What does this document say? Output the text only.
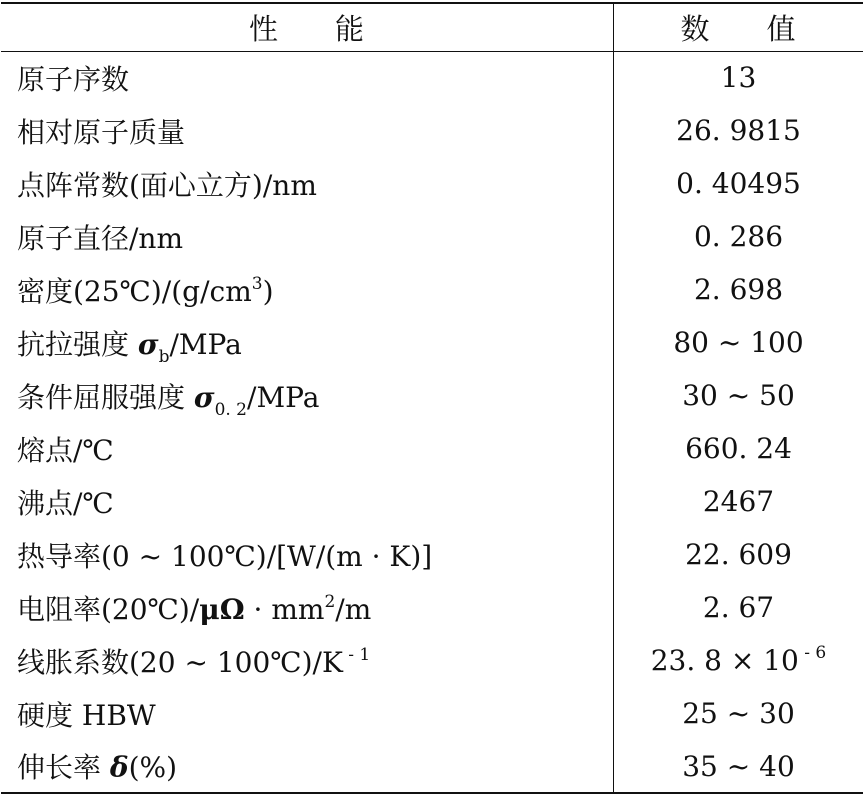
性 能	数 值
原子序数	13
相对原子质量	26. 9815
点阵常数(面心立方)/nm	0. 40495
原子直径/nm	0. 286
密度$(25℃)/(g/cm^3)$	2. 698
抗拉强度 $\sigma_b$/MPa	80 ~ 100
条件屈服强度 $\sigma_{0. 2}$/MPa	30 ~ 50
熔点/℃	660. 24
沸点/℃	2467
热导率(0 ~ 100℃)/[W/(m · K)]	22. 609
电阻率(20℃)/μΩ · $mm^2/m$	2. 67
线胀系数(20 ~ 100℃)/K $^{- 1}$	23. 8 × 10 $^{- 6}$
硬度 HBW	25 ~ 30
伸长率 δ(%)	35 ~ 40
